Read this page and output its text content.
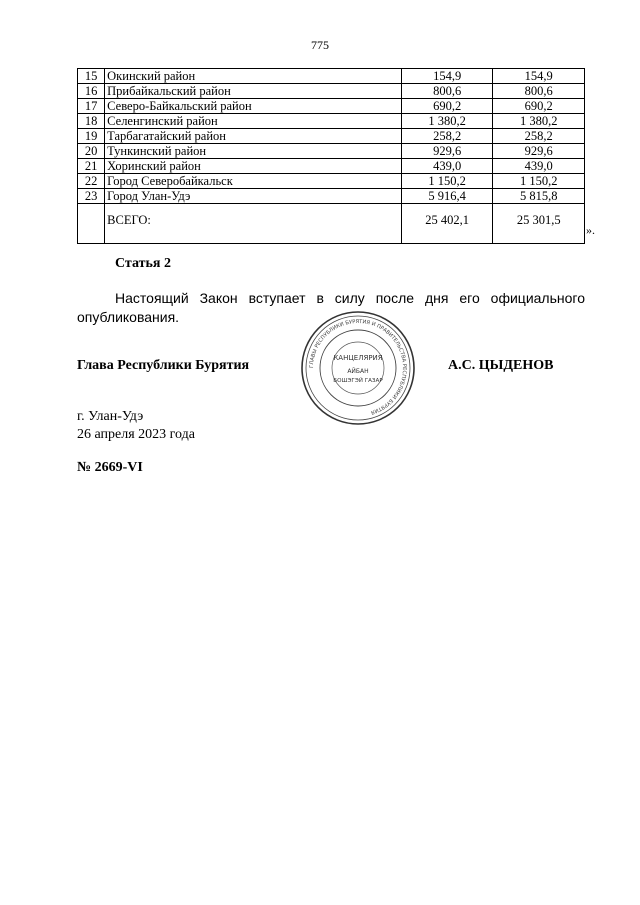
775
15	Окинский район	154,9	154,9
16	Прибайкальский район	800,6	800,6
17	Северо-Байкальский район	690,2	690,2
18	Селенгинский район	1 380,2	1 380,2
19	Тарбагатайский район	258,2	258,2
20	Тункинский район	929,6	929,6
21	Хоринский район	439,0	439,0
22	Город Северобайкальск	1 150,2	1 150,2
23	Город Улан-Удэ	5 916,4	5 815,8
	ВСЕГО:	25 402,1	25 301,5
».
Статья 2
Настоящий Закон вступает в силу после дня его официального опубликования.
Глава Республики Бурятия	А.С. ЦЫДЕНОВ
ГЛАВЫ РЕСПУБЛИКИ БУРЯТИЯ И ПРАВИТЕЛЬСТВА РЕСПУБЛИКИ БУРЯТИЯ
КАНЦЕЛЯРИЯ
АЙБАН
БОШЭГЭЙ ГАЗАР
г. Улан-Удэ
26 апреля 2023 года
№ 2669-VI
